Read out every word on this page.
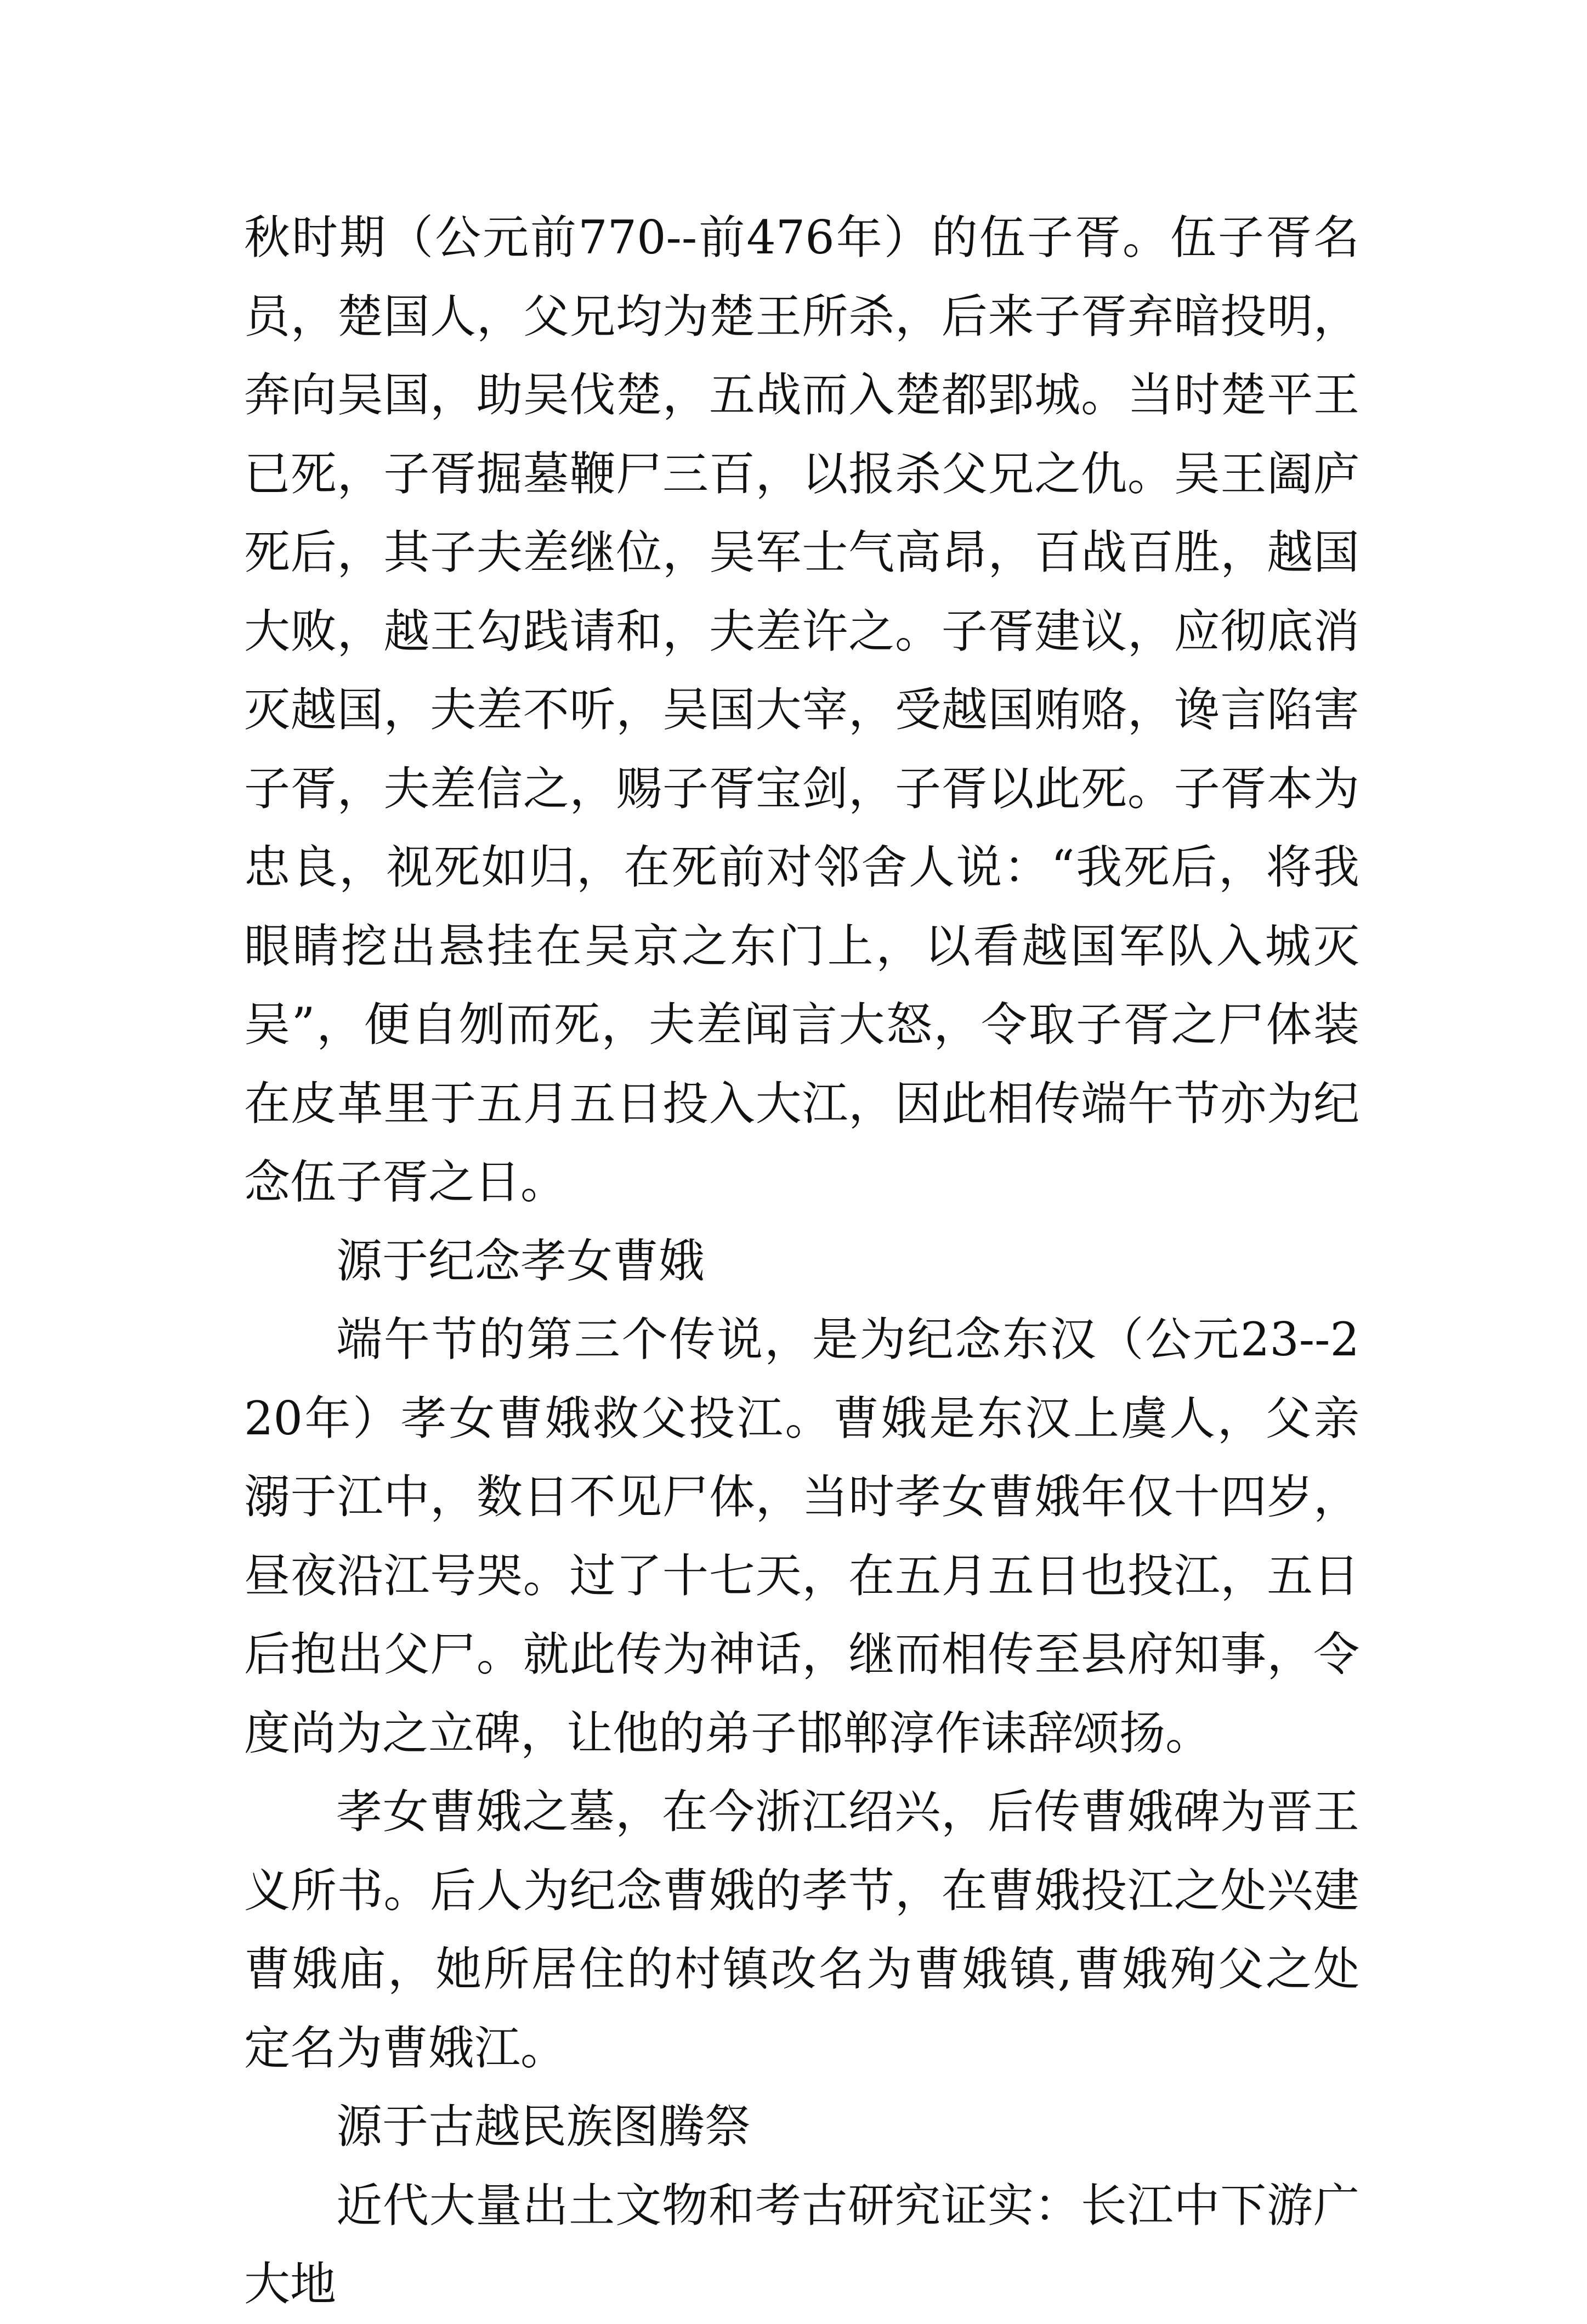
秋时期（公元前770--前476年）的伍子胥。伍子胥名员，楚国人，父兄均为楚王所杀，后来子胥弃暗投明，奔向吴国，助吴伐楚，五战而入楚都郢城。当时楚平王已死，子胥掘墓鞭尸三百，以报杀父兄之仇。吴王阖庐死后，其子夫差继位，吴军士气高昂，百战百胜，越国大败，越王勾践请和，夫差许之。子胥建议，应彻底消灭越国，夫差不听，吴国大宰，受越国贿赂，谗言陷害子胥，夫差信之，赐子胥宝剑，子胥以此死。子胥本为忠良，视死如归，在死前对邻舍人说：“我死后，将我眼睛挖出悬挂在吴京之东门上，以看越国军队入城灭吴”，便自刎而死，夫差闻言大怒，令取子胥之尸体装在皮革里于五月五日投入大江，因此相传端午节亦为纪念伍子胥之日。

源于纪念孝女曹娥

端午节的第三个传说，是为纪念东汉（公元23--220年）孝女曹娥救父投江。曹娥是东汉上虞人，父亲溺于江中，数日不见尸体，当时孝女曹娥年仅十四岁，昼夜沿江号哭。过了十七天，在五月五日也投江，五日后抱出父尸。就此传为神话，继而相传至县府知事，令度尚为之立碑，让他的弟子邯郸淳作诔辞颂扬。

孝女曹娥之墓，在今浙江绍兴，后传曹娥碑为晋王义所书。后人为纪念曹娥的孝节，在曹娥投江之处兴建曹娥庙，她所居住的村镇改名为曹娥镇,曹娥殉父之处定名为曹娥江。

源于古越民族图腾祭

近代大量出土文物和考古研究证实：长江中下游广大地
